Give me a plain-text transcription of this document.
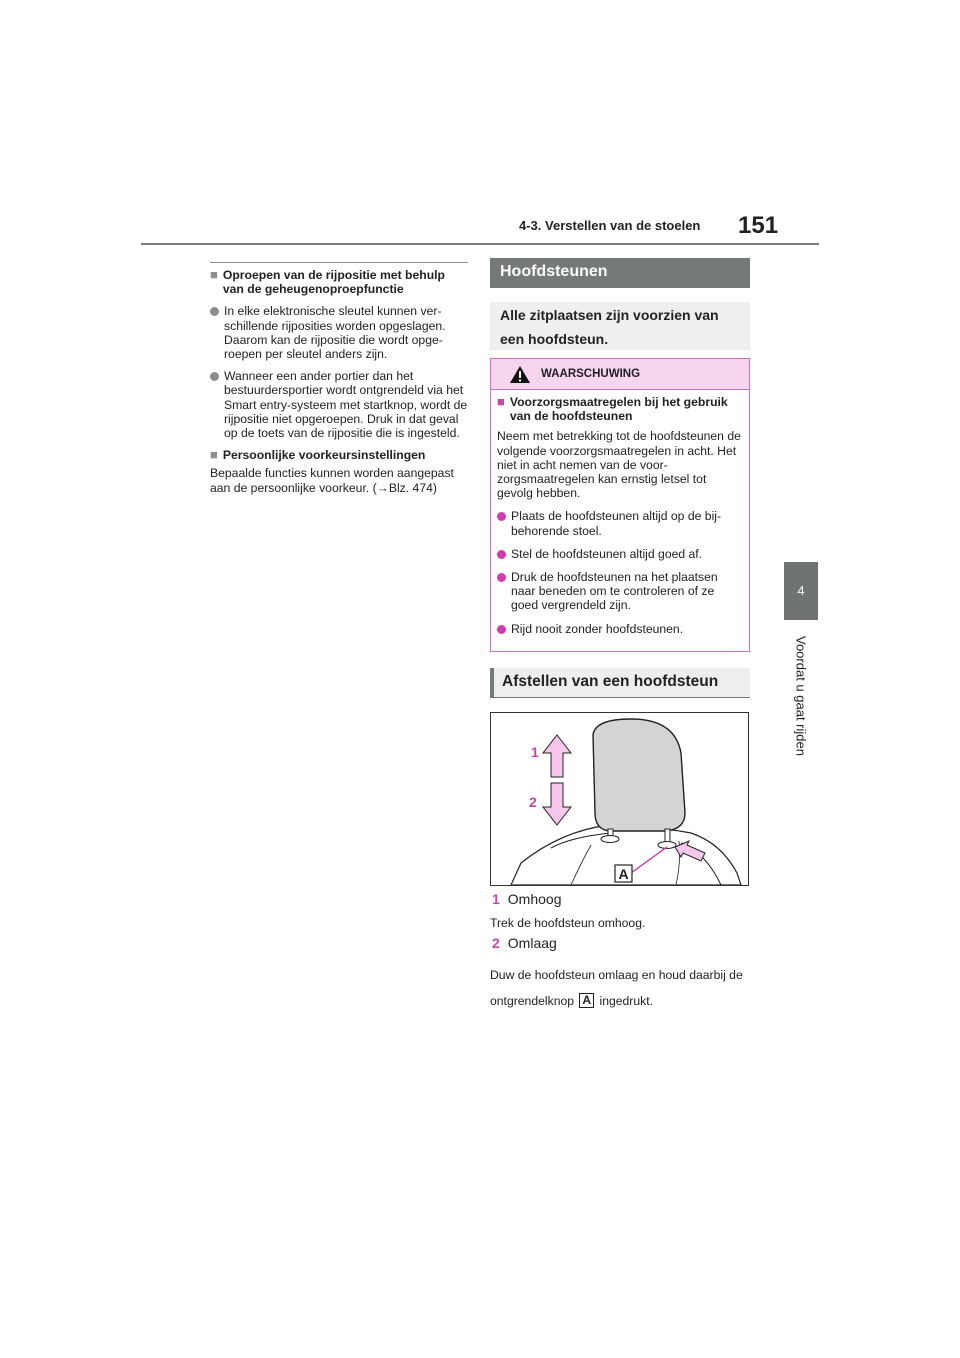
4-3. Verstellen van de stoelen 151
4
Voordat u gaat rijden
■ Oproepen van de rijpositie met behulp van de geheugenoproepfunctie
In elke elektronische sleutel kunnen ver-schillende rijposities worden opgeslagen. Daarom kan de rijpositie die wordt opge-roepen per sleutel anders zijn.
Wanneer een ander portier dan het bestuurdersportier wordt ontgrendeld via het Smart entry-systeem met startknop, wordt de rijpositie niet opgeroepen. Druk in dat geval op de toets van de rijpositie die is ingesteld.
■ Persoonlijke voorkeursinstellingen
Bepaalde functies kunnen worden aangepast aan de persoonlijke voorkeur. (→Blz. 474)
Hoofdsteunen
Alle zitplaatsen zijn voorzien van een hoofdsteun.
WAARSCHUWING
■ Voorzorgsmaatregelen bij het gebruik van de hoofdsteunen
Neem met betrekking tot de hoofdsteunen de volgende voorzorgsmaatregelen in acht. Het niet in acht nemen van de voor-zorgsmaatregelen kan ernstig letsel tot gevolg hebben.
Plaats de hoofdsteunen altijd op de bij-behorende stoel.
Stel de hoofdsteunen altijd goed af.
Druk de hoofdsteunen na het plaatsen naar beneden om te controleren of ze goed vergrendeld zijn.
Rijd nooit zonder hoofdsteunen.
Afstellen van een hoofdsteun
A
1
2
1 Omhoog
Trek de hoofdsteun omhoog.
2 Omlaag
Duw de hoofdsteun omlaag en houd daarbij de ontgrendelknop A ingedrukt.
